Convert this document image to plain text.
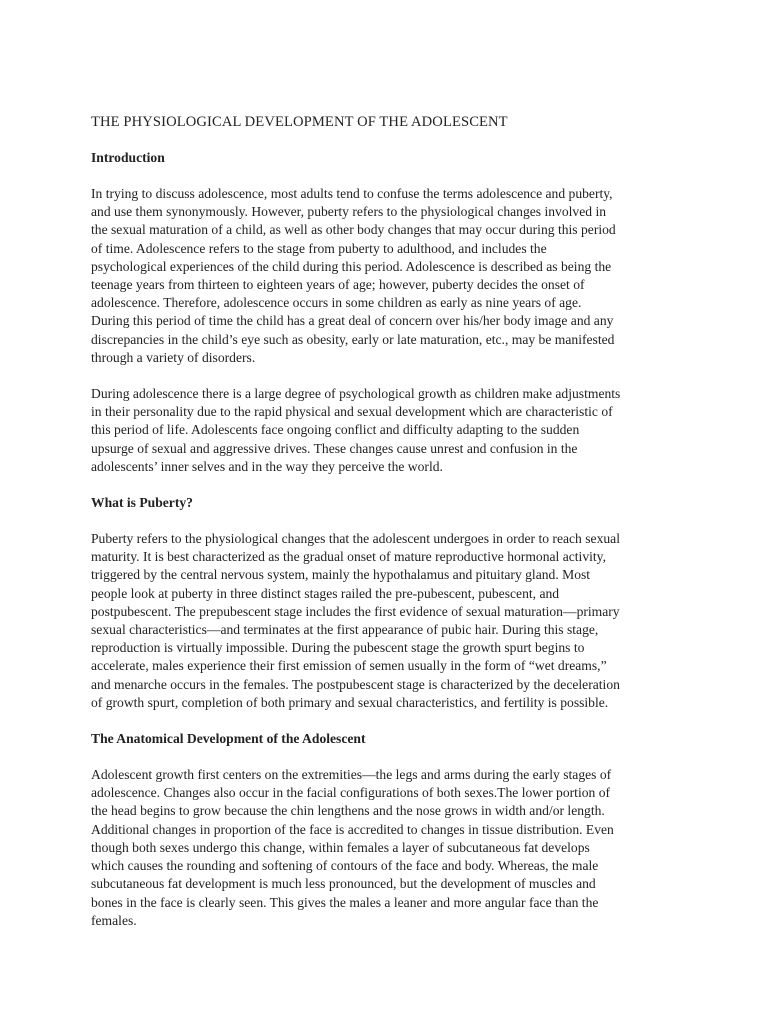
THE PHYSIOLOGICAL DEVELOPMENT OF THE ADOLESCENT
Introduction
In trying to discuss adolescence, most adults tend to confuse the terms adolescence and puberty,
and use them synonymously. However, puberty refers to the physiological changes involved in
the sexual maturation of a child, as well as other body changes that may occur during this period
of time. Adolescence refers to the stage from puberty to adulthood, and includes the
psychological experiences of the child during this period. Adolescence is described as being the
teenage years from thirteen to eighteen years of age; however, puberty decides the onset of
adolescence. Therefore, adolescence occurs in some children as early as nine years of age.
During this period of time the child has a great deal of concern over his/her body image and any
discrepancies in the child’s eye such as obesity, early or late maturation, etc., may be manifested
through a variety of disorders.
During adolescence there is a large degree of psychological growth as children make adjustments
in their personality due to the rapid physical and sexual development which are characteristic of
this period of life. Adolescents face ongoing conflict and difficulty adapting to the sudden
upsurge of sexual and aggressive drives. These changes cause unrest and confusion in the
adolescents’ inner selves and in the way they perceive the world.
What is Puberty?
Puberty refers to the physiological changes that the adolescent undergoes in order to reach sexual
maturity. It is best characterized as the gradual onset of mature reproductive hormonal activity,
triggered by the central nervous system, mainly the hypothalamus and pituitary gland. Most
people look at puberty in three distinct stages railed the pre-pubescent, pubescent, and
postpubescent. The prepubescent stage includes the first evidence of sexual maturation—primary
sexual characteristics—and terminates at the first appearance of pubic hair. During this stage,
reproduction is virtually impossible. During the pubescent stage the growth spurt begins to
accelerate, males experience their first emission of semen usually in the form of “wet dreams,”
and menarche occurs in the females. The postpubescent stage is characterized by the deceleration
of growth spurt, completion of both primary and sexual characteristics, and fertility is possible.
The Anatomical Development of the Adolescent
Adolescent growth first centers on the extremities—the legs and arms during the early stages of
adolescence. Changes also occur in the facial configurations of both sexes.The lower portion of
the head begins to grow because the chin lengthens and the nose grows in width and/or length.
Additional changes in proportion of the face is accredited to changes in tissue distribution. Even
though both sexes undergo this change, within females a layer of subcutaneous fat develops
which causes the rounding and softening of contours of the face and body. Whereas, the male
subcutaneous fat development is much less pronounced, but the development of muscles and
bones in the face is clearly seen. This gives the males a leaner and more angular face than the
females.
